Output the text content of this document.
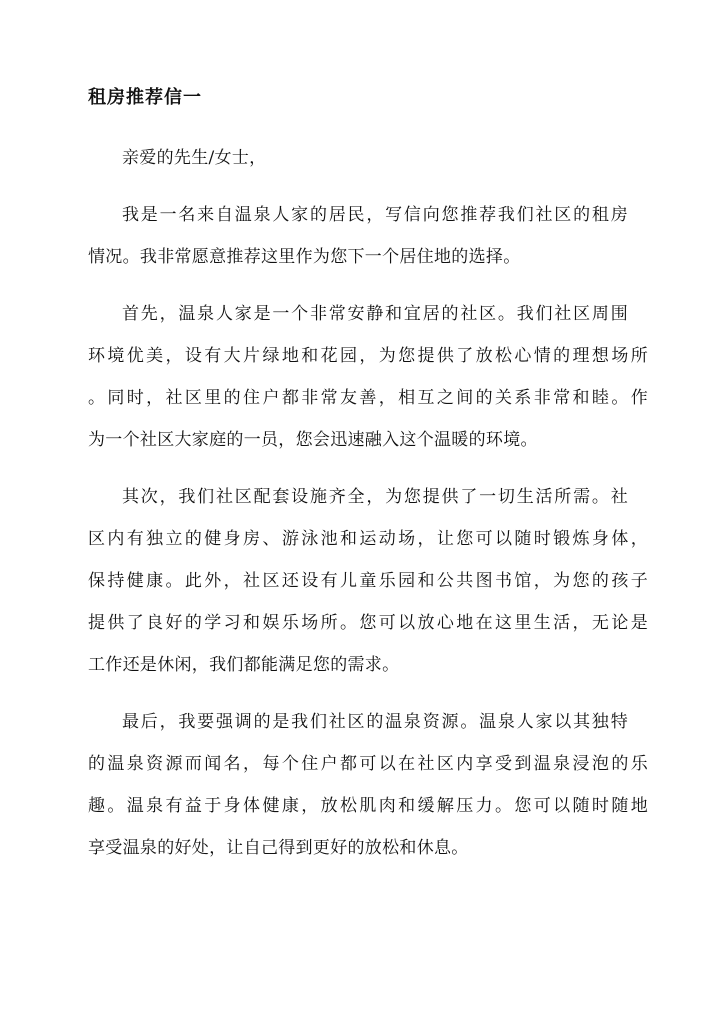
租房推荐信一

亲爱的先生/女士，

我是一名来自温泉人家的居民，写信向您推荐我们社区的租房

情况。我非常愿意推荐这里作为您下一个居住地的选择。

首先，温泉人家是一个非常安静和宜居的社区。我们社区周围

环境优美，设有大片绿地和花园，为您提供了放松心情的理想场所

。同时，社区里的住户都非常友善，相互之间的关系非常和睦。作

为一个社区大家庭的一员，您会迅速融入这个温暖的环境。

其次，我们社区配套设施齐全，为您提供了一切生活所需。社

区内有独立的健身房、游泳池和运动场，让您可以随时锻炼身体，

保持健康。此外，社区还设有儿童乐园和公共图书馆，为您的孩子

提供了良好的学习和娱乐场所。您可以放心地在这里生活，无论是

工作还是休闲，我们都能满足您的需求。

最后，我要强调的是我们社区的温泉资源。温泉人家以其独特

的温泉资源而闻名，每个住户都可以在社区内享受到温泉浸泡的乐

趣。温泉有益于身体健康，放松肌肉和缓解压力。您可以随时随地

享受温泉的好处，让自己得到更好的放松和休息。
